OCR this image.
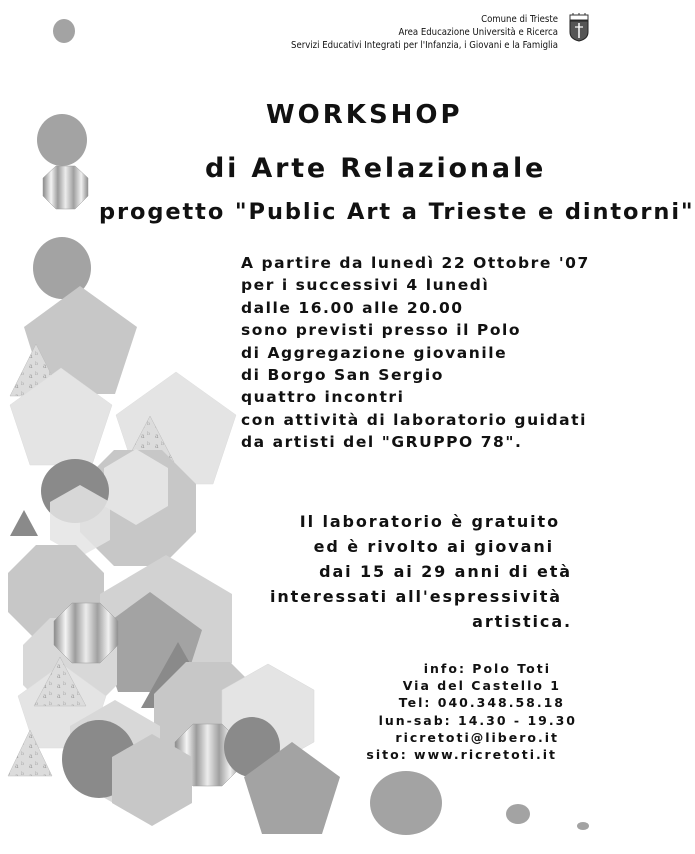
Comune di Trieste
Area Educazione Università e Ricerca
Servizi Educativi Integrati per l'Infanzia, i Giovani e la Famiglia
WORKSHOP
di Arte Relazionale
progetto "Public Art a Trieste e dintorni"
A partire da lunedì 22 Ottobre '07
per i successivi 4 lunedì
dalle 16.00 alle 20.00
sono previsti presso il Polo
di Aggregazione giovanile
di Borgo San Sergio
quattro incontri
con attività di laboratorio guidati
da artisti del "GRUPPO 78".
Il laboratorio è gratuito
ed è rivolto ai giovani
dai 15 ai 29 anni di età
interessati all'espressività
artistica.
info: Polo Toti
Via del Castello 1
Tel: 040.348.58.18
lun-sab: 14.30 - 19.30
ricretoti@libero.it
sito: www.ricretoti.it
